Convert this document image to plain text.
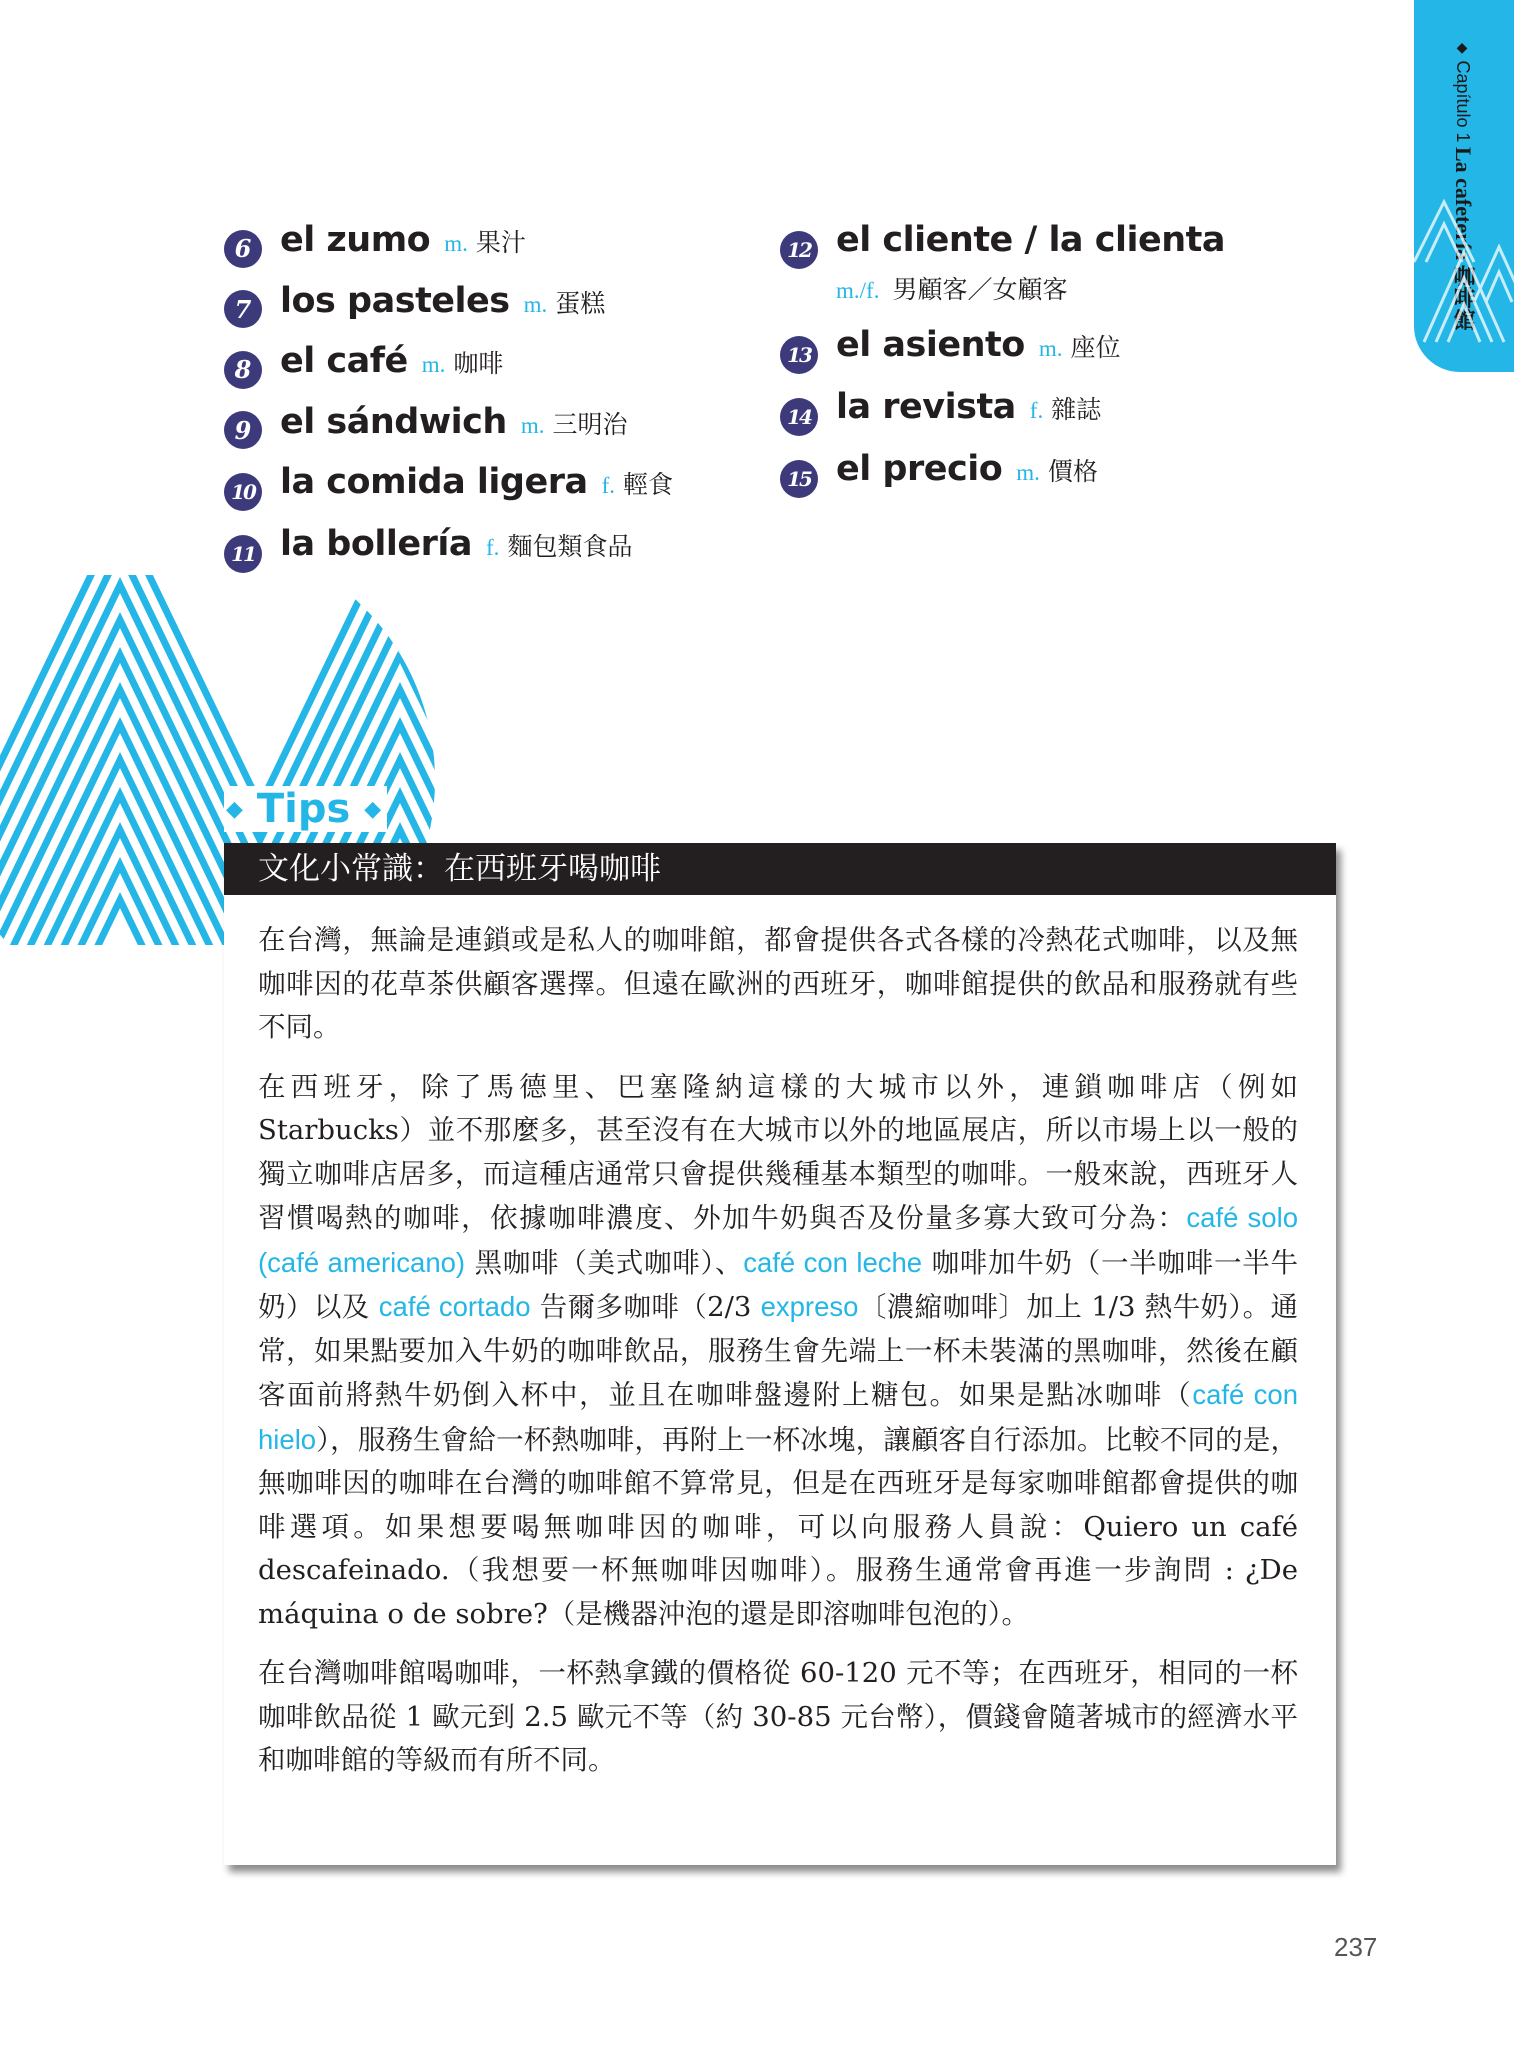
◆ Capítulo 1 La cafetería 咖啡館
6 el zumo m. 果汁
7 los pasteles m. 蛋糕
8 el café m. 咖啡
9 el sándwich m. 三明治
10 la comida ligera f. 輕食
11 la bollería f. 麵包類食品
12 el cliente / la clienta
m./f. 男顧客／女顧客
13 el asiento m. 座位
14 la revista f. 雜誌
15 el precio m. 價格
◆ Tips ◆
文化小常識：在西班牙喝咖啡

在台灣，無論是連鎖或是私人的咖啡館，都會提供各式各樣的冷熱花式咖啡，以及無咖啡因的花草茶供顧客選擇。但遠在歐洲的西班牙，咖啡館提供的飲品和服務就有些不同。

在西班牙，除了馬德里、巴塞隆納這樣的大城市以外，連鎖咖啡店（例如 Starbucks）並不那麼多，甚至沒有在大城市以外的地區展店，所以市場上以一般的獨立咖啡店居多，而這種店通常只會提供幾種基本類型的咖啡。一般來說，西班牙人習慣喝熱的咖啡，依據咖啡濃度、外加牛奶與否及份量多寡大致可分為：café solo (café americano) 黑咖啡（美式咖啡）、café con leche 咖啡加牛奶（一半咖啡一半牛奶）以及 café cortado 告爾多咖啡（2/3 expreso〔濃縮咖啡〕加上 1/3 熱牛奶）。通常，如果點要加入牛奶的咖啡飲品，服務生會先端上一杯未裝滿的黑咖啡，然後在顧客面前將熱牛奶倒入杯中，並且在咖啡盤邊附上糖包。如果是點冰咖啡（café con hielo），服務生會給一杯熱咖啡，再附上一杯冰塊，讓顧客自行添加。比較不同的是，無咖啡因的咖啡在台灣的咖啡館不算常見，但是在西班牙是每家咖啡館都會提供的咖啡選項。如果想要喝無咖啡因的咖啡，可以向服務人員說：Quiero un café descafeinado.（我想要一杯無咖啡因咖啡）。服務生通常會再進一步詢問 : ¿De máquina o de sobre?（是機器沖泡的還是即溶咖啡包泡的）。

在台灣咖啡館喝咖啡，一杯熱拿鐵的價格從 60-120 元不等；在西班牙，相同的一杯咖啡飲品從 1 歐元到 2.5 歐元不等（約 30-85 元台幣），價錢會隨著城市的經濟水平和咖啡館的等級而有所不同。

237
